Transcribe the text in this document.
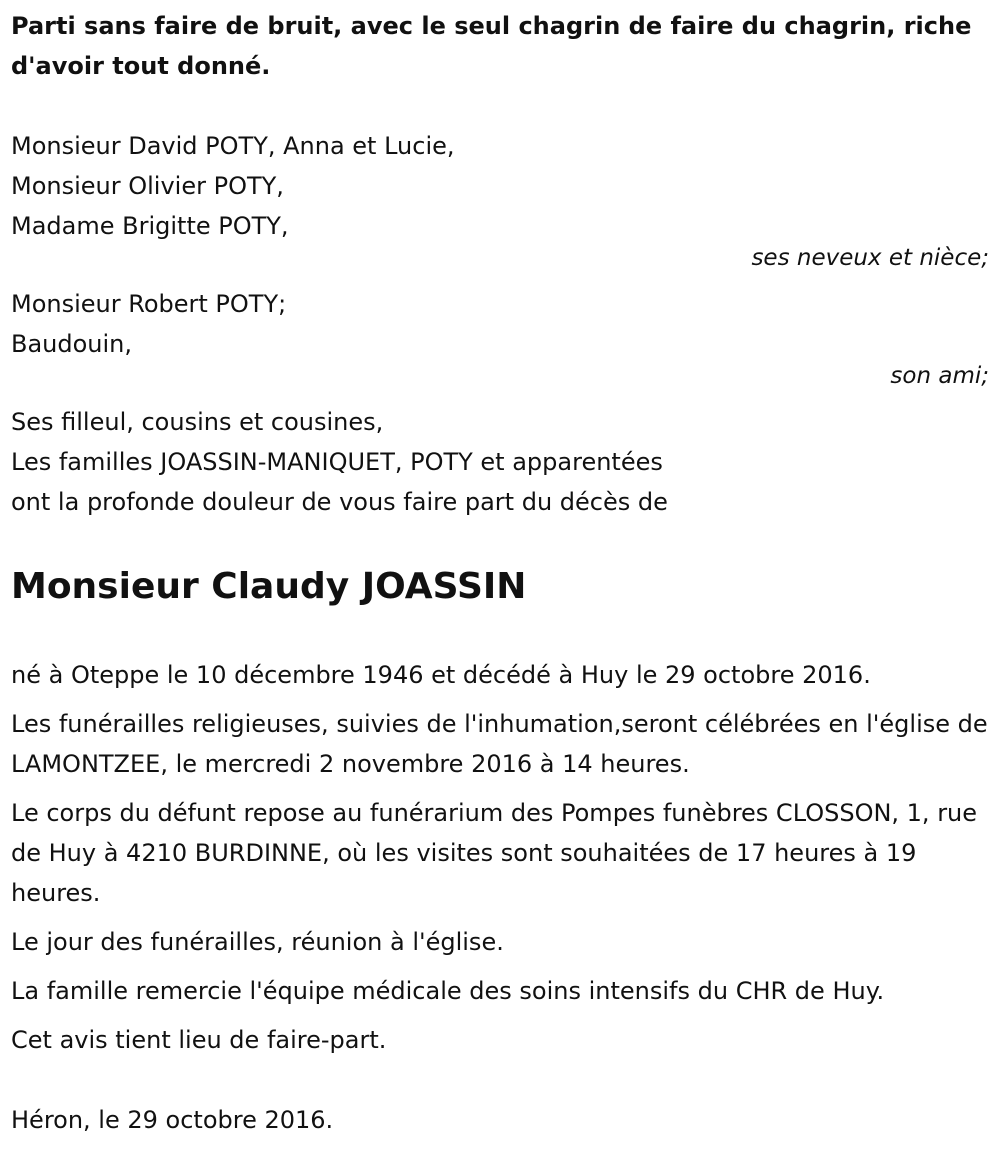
Parti sans faire de bruit, avec le seul chagrin de faire du chagrin, riche d'avoir tout donné.

Monsieur David POTY, Anna et Lucie,
Monsieur Olivier POTY,
Madame Brigitte POTY,
ses neveux et nièce;
Monsieur Robert POTY;
Baudouin,
son ami;
Ses filleul, cousins et cousines,
Les familles JOASSIN-MANIQUET, POTY et apparentées

ont la profonde douleur de vous faire part du décès de

Monsieur Claudy JOASSIN

né à Oteppe le 10 décembre 1946 et décédé à Huy le 29 octobre 2016.

Les funérailles religieuses, suivies de l'inhumation,seront célébrées en l'église de LAMONTZEE, le mercredi 2 novembre 2016 à 14 heures.

Le corps du défunt repose au funérarium des Pompes funèbres CLOSSON, 1, rue de Huy à 4210 BURDINNE, où les visites sont souhaitées de 17 heures à 19 heures.

Le jour des funérailles, réunion à l'église.

La famille remercie l'équipe médicale des soins intensifs du CHR de Huy.

Cet avis tient lieu de faire-part.

Héron, le 29 octobre 2016.
